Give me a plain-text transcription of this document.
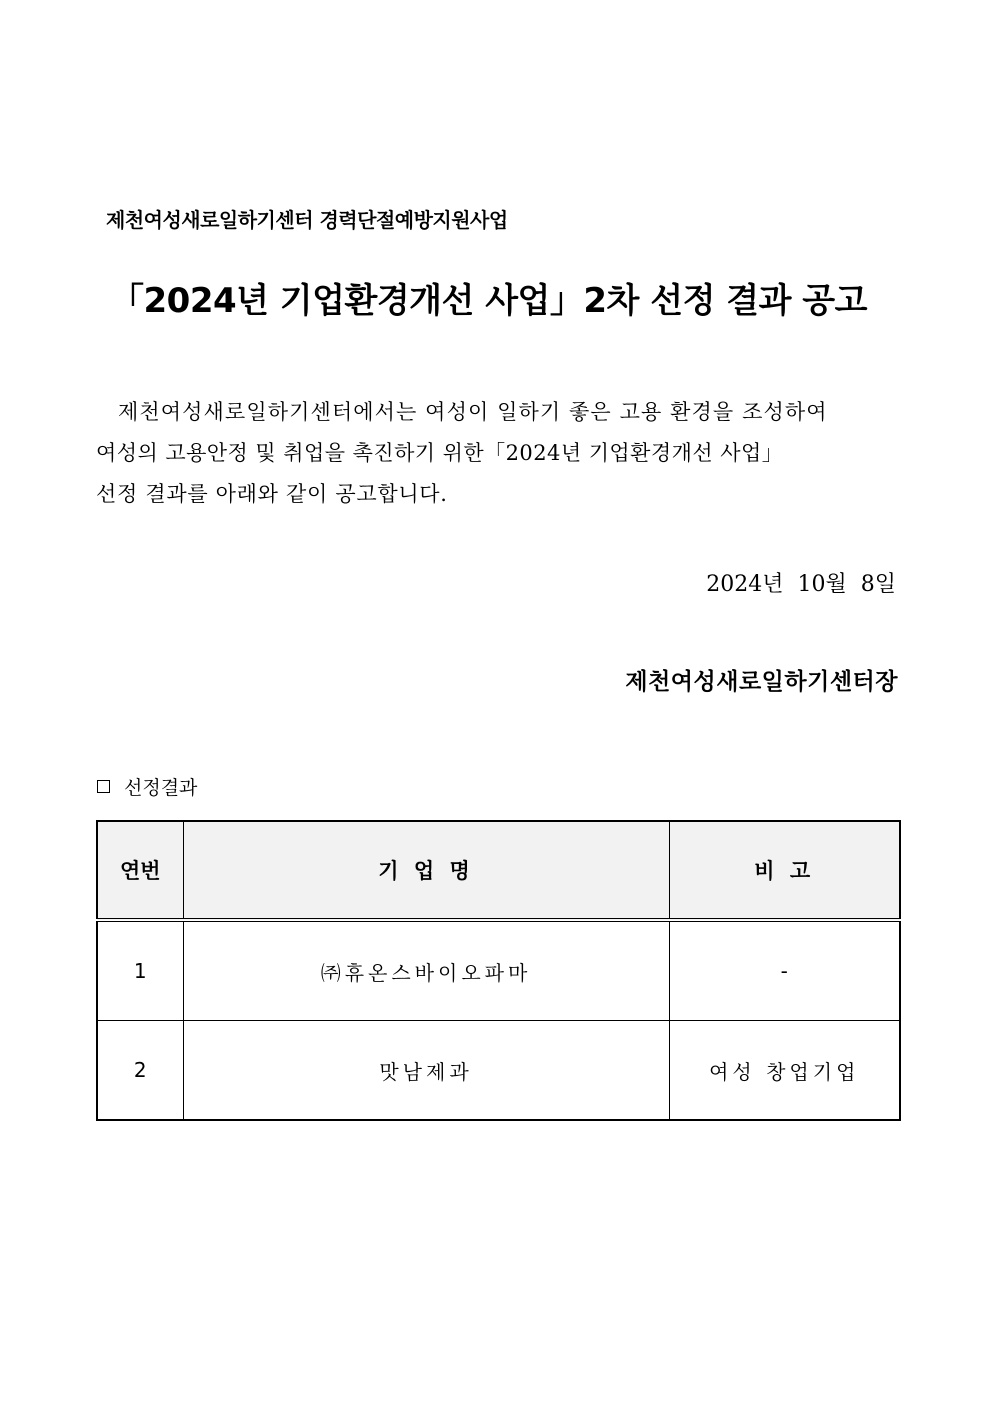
제천여성새로일하기센터 경력단절예방지원사업
「2024년 기업환경개선 사업」2차 선정 결과 공고

제천여성새로일하기센터에서는 여성이 일하기 좋은 고용 환경을 조성하여

여성의 고용안정 및 취업을 촉진하기 위한「2024년 기업환경개선 사업」

선정 결과를 아래와 같이 공고합니다.

2024년  10월  8일
제천여성새로일하기센터장
선정결과
연번	기 업 명	비 고
1	㈜휴온스바이오파마	-
2	맛남제과	여성 창업기업
